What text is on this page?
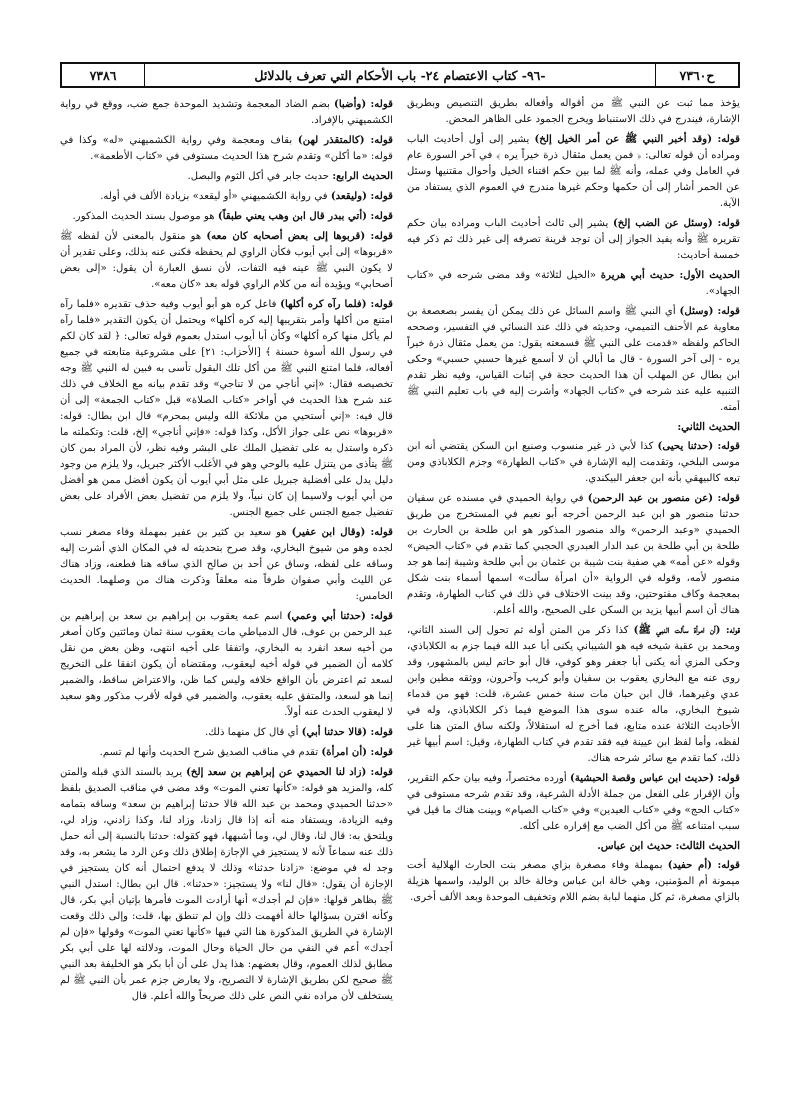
ح٧٣٦٠
-٩٦- كتاب الاعتصام ٢٤- باب الأحكام التي تعرف بالدلائل
٧٣٨٦

يؤخذ مما ثبت عن النبي ﷺ من أقواله وأفعاله بطريق التنصيص وبطريق الإشارة، فيندرج في ذلك الاستنباط ويخرج الجمود على الظاهر المحض.

قوله: (وقد أخبر النبي ﷺ عن أمر الخيل إلخ) يشير إلى أول أحاديث الباب ومراده أن قوله تعالى: ﴿ فمن يعمل مثقال ذرة خيراً يره ﴾ في آخر السورة عام في العامل وفي عمله، وأنه ﷺ لما بين حكم اقتناء الخيل وأحوال مقتنيها وسئل عن الحمر أشار إلى أن حكمها وحكم غيرها مندرج في العموم الذي يستفاد من الآية.

قوله: (وسئل عن الضب إلخ) يشير إلى ثالث أحاديث الباب ومراده بيان حكم تقريره ﷺ وأنه يفيد الجواز إلى أن توجد قرينة تصرفه إلى غير ذلك ثم ذكر فيه خمسة أحاديث:

الحديث الأول: حديث أبي هريرة «الخيل لثلاثة» وقد مضى شرحه في «كتاب الجهاد».

قوله: (وسئل) أي النبي ﷺ واسم السائل عن ذلك يمكن أن يفسر بصعصعة بن معاوية عم الأحنف التميمي، وحديثه في ذلك عند النسائي في التفسير، وصححه الحاكم ولفظه «قدمت على النبي ﷺ فسمعته يقول: من يعمل مثقال ذرة خيراً يره - إلى آخر السورة - قال ما أبالي أن لا أسمع غيرها حسبي حسبي» وحكى ابن بطال عن المهلب أن هذا الحديث حجة في إثبات القياس، وفيه نظر تقدم التنبيه عليه عند شرحه في «كتاب الجهاد» وأشرت إليه في باب تعليم النبي ﷺ أمته.

الحديث الثاني:

قوله: (حدثنا يحيى) كذا لأبي ذر غير منسوب وصنيع ابن السكن يقتضي أنه ابن موسى البلخي، وتقدمت إليه الإشارة في «كتاب الطهارة» وجزم الكلاباذي ومن تبعه كالبيهقي بأنه ابن جعفر البيكندي.

قوله: (عن منصور بن عبد الرحمن) في رواية الحميدي في مسنده عن سفيان حدثنا منصور هو ابن عبد الرحمن أخرجه أبو نعيم في المستخرج من طريق الحميدي «وعبد الرحمن» والد منصور المذكور هو ابن طلحة بن الحارث بن طلحة بن أبي طلحة بن عبد الدار العبدري الحجبي كما تقدم في «كتاب الحيض» وقوله «عن أمه» هي صفية بنت شيبة بن عثمان بن أبي طلحة وشيبة إنما هو جد منصور لأمه، وقوله في الرواية «أن امرأة سألت» اسمها أسماء بنت شكل بمعجمة وكاف مفتوحتين، وقد بينت الاختلاف في ذلك في كتاب الطهارة، وتقدم هناك أن اسم أبيها يزيد بن السكن على الصحيح، والله أعلم.

قوله: (أن امرأة سألت النبي ﷺ) كذا ذكر من المتن أوله ثم تحول إلى السند الثاني، ومحمد بن عقبة شيخه فيه هو الشيباني يكنى أبا عبد الله فيما جزم به الكلاباذي، وحكى المزي أنه يكنى أبا جعفر وهو كوفي، قال أبو حاتم ليس بالمشهور، وقد روى عنه مع البخاري يعقوب بن سفيان وأبو كريب وآخرون، ووثقه مطين وابن عدي وغيرهما، قال ابن حبان مات سنة خمس عشرة، قلت: فهو من قدماء شيوخ البخاري، ماله عنده سوى هذا الموضع فيما ذكر الكلاباذي، وله في الأحاديث الثلاثة عنده متابع، فما أخرج له استقلالاً، ولكنه ساق المتن هنا على لفظه، وأما لفظ ابن عيينة فيه فقد تقدم في كتاب الطهارة، وقيل: اسم أبيها غير ذلك، كما تقدم مع سائر شرحه هناك.

قوله: (حديث ابن عباس وقصة الحبشية) أورده مختصراً، وفيه بيان حكم التقرير، وأن الإقرار على الفعل من جملة الأدلة الشرعية، وقد تقدم شرحه مستوفى في «كتاب الحج» وفي «كتاب العيدين» وفي «كتاب الصيام» وبينت هناك ما قيل في سبب امتناعه ﷺ من أكل الضب مع إقراره على أكله.

الحديث الثالث: حديث ابن عباس.

قوله: (أم حفيد) بمهملة وفاء مصغرة بزاي مصغر بنت الحارث الهلالية أخت ميمونة أم المؤمنين، وهي خالة ابن عباس وخالة خالد بن الوليد، واسمها هزيلة بالزاي مصغرة، ثم كل منهما لبابة بضم اللام وتخفيف الموحدة وبعد الألف أخرى.

قوله: (وأضبا) بضم الضاد المعجمة وتشديد الموحدة جمع ضب، ووقع في رواية الكشميهني بالإفراد.

قوله: (كالمتقذر لهن) بقاف ومعجمة وفي رواية الكشميهني «له» وكذا في قوله: «ما أكلن» وتقدم شرح هذا الحديث مستوفى في «كتاب الأطعمة».

الحديث الرابع: حديث جابر في أكل الثوم والبصل.

قوله: (وليقعد) في رواية الكشميهني «أو ليقعد» بزيادة الألف في أوله.

قوله: (أتي ببدر قال ابن وهب يعني طبقاً) هو موصول بسند الحديث المذكور.

قوله: (قربوها إلى بعض أصحابه كان معه) هو منقول بالمعنى لأن لفظه ﷺ «قربوها» إلى أبي أيوب فكأن الراوي لم يحفظه فكنى عنه بذلك، وعلى تقدير أن لا يكون النبي ﷺ عينه فيه التفات، لأن نسق العبارة أن يقول: «إلى بعض أصحابي» ويؤيده أنه من كلام الراوي قوله بعد «كان معه».

قوله: (فلما رآه كره أكلها) فاعل كره هو أبو أيوب وفيه حذف تقديره «فلما رآه امتنع من أكلها وأمر بتقريبها إليه كره أكلها» ويحتمل أن يكون التقدير «فلما رآه لم يأكل منها كره أكلها» وكأن أبا أيوب استدل بعموم قوله تعالى: ﴿ لقد كان لكم في رسول الله أسوة حسنة ﴾ [الأحزاب: ٢١] على مشروعية متابعته في جميع أفعاله، فلما امتنع النبي ﷺ من أكل تلك البقول تأسى به فبين له النبي ﷺ وجه تخصيصه فقال: «إني أناجي من لا تناجي» وقد تقدم بيانه مع الخلاف في ذلك عند شرح هذا الحديث في أواخر «كتاب الصلاة» قبل «كتاب الجمعة» إلى أن قال فيه: «إني أستحيي من ملائكة الله وليس بمحرم» قال ابن بطال: قوله: «قربوها» نص على جواز الأكل، وكذا قوله: «فإني أناجي» إلخ، قلت: وتكملته ما ذكره واستدل به على تفضيل الملك على البشر وفيه نظر، لأن المراد بمن كان ﷺ يتأذى من يتنزل عليه بالوحي وهو في الأغلب الأكثر جبريل، ولا يلزم من وجود دليل يدل على أفضلية جبريل على مثل أبي أيوب أن يكون أفضل ممن هو أفضل من أبي أيوب ولاسيما إن كان نبياً، ولا يلزم من تفضيل بعض الأفراد على بعض تفضيل جميع الجنس على جميع الجنس.

قوله: (وقال ابن عفير) هو سعيد بن كثير بن عفير بمهملة وفاء مصغر نسب لجده وهو من شيوخ البخاري، وقد صرح بتحديثه له في المكان الذي أشرت إليه وساقه على لفظه، وساق عن أحد بن صالح الذي ساقه هنا فطعنه، وزاد هناك عن الليث وأبي صفوان طرفاً منه معلقاً وذكرت هناك من وصلهما. الحديث الخامس:

قوله: (حدثنا أبي وعمي) اسم عمه يعقوب بن إبراهيم بن سعد بن إبراهيم بن عبد الرحمن بن عوف، قال الدمياطي مات يعقوب سنة ثمان ومائتين وكان أصغر من أخيه سعد انفرد به البخاري، واتفقا على أخيه انتهى، وظن بعض من نقل كلامه أن الضمير في قوله أخيه ليعقوب، ومقتضاه أن يكون اتفقا على التخريج لسعد ثم اعترض بأن الواقع خلافه وليس كما ظن، والاعتراض ساقط، والضمير إنما هو لسعد، والمتفق عليه يعقوب، والضمير في قوله لأقرب مذكور وهو سعيد لا ليعقوب الحدث عنه أولاً.

قوله: (قالا حدثنا أبي) أي قال كل منهما ذلك.

قوله: (أن امرأة) تقدم في مناقب الصديق شرح الحديث وأنها لم تسم.

قوله: (زاد لنا الحميدي عن إبراهيم بن سعد إلخ) يريد بالسند الذي قبله والمتن كله، والمزيد هو قوله: «كأنها تعني الموت» وقد مضى في مناقب الصديق بلفظ «حدثنا الحميدي ومحمد بن عبد الله قالا حدثنا إبراهيم بن سعد» وساقه بتمامه وفيه الزيادة، ويستفاد منه أنه إذا قال زادنا، وزاد لنا، وكذا زادني، وزاد لي، ويلتحق به: قال لنا، وقال لي، وما أشبهها، فهو كقوله: حدثنا بالنسبة إلى أنه حمل ذلك عنه سماعاً لأنه لا يستجيز في الإجازة إطلاق ذلك وعن الرد ما يشعر به، وقد وجد له في موضع: «زادنا حدثنا» وذلك لا يدفع احتمال أنه كان يستجيز في الإجازة أن يقول: «قال لنا» ولا يستجيز: «حدثنا». قال ابن بطال: استدل النبي ﷺ بظاهر قولها: «فإن لم أجدك» أنها أرادت الموت فأمرها بإتيان أبي بكر، قال وكأنه اقترن بسؤالها حالة أفهمت ذلك وإن لم تنطق بها، قلت: وإلى ذلك وقعت الإشارة في الطريق المذكورة هنا التي فيها «كأنها تعني الموت» وقولها «فإن لم أجدك» أعم في النفي من حال الحياة وحال الموت، ودلالته لها على أبي بكر مطابق لذلك العموم، وقال بعضهم: هذا يدل على أن أبا بكر هو الخليفة بعد النبي ﷺ صحيح لكن بطريق الإشارة لا التصريح، ولا يعارض جزم عمر بأن النبي ﷺ لم يستخلف لأن مراده نفي النص على ذلك صريحاً والله أعلم. قال
